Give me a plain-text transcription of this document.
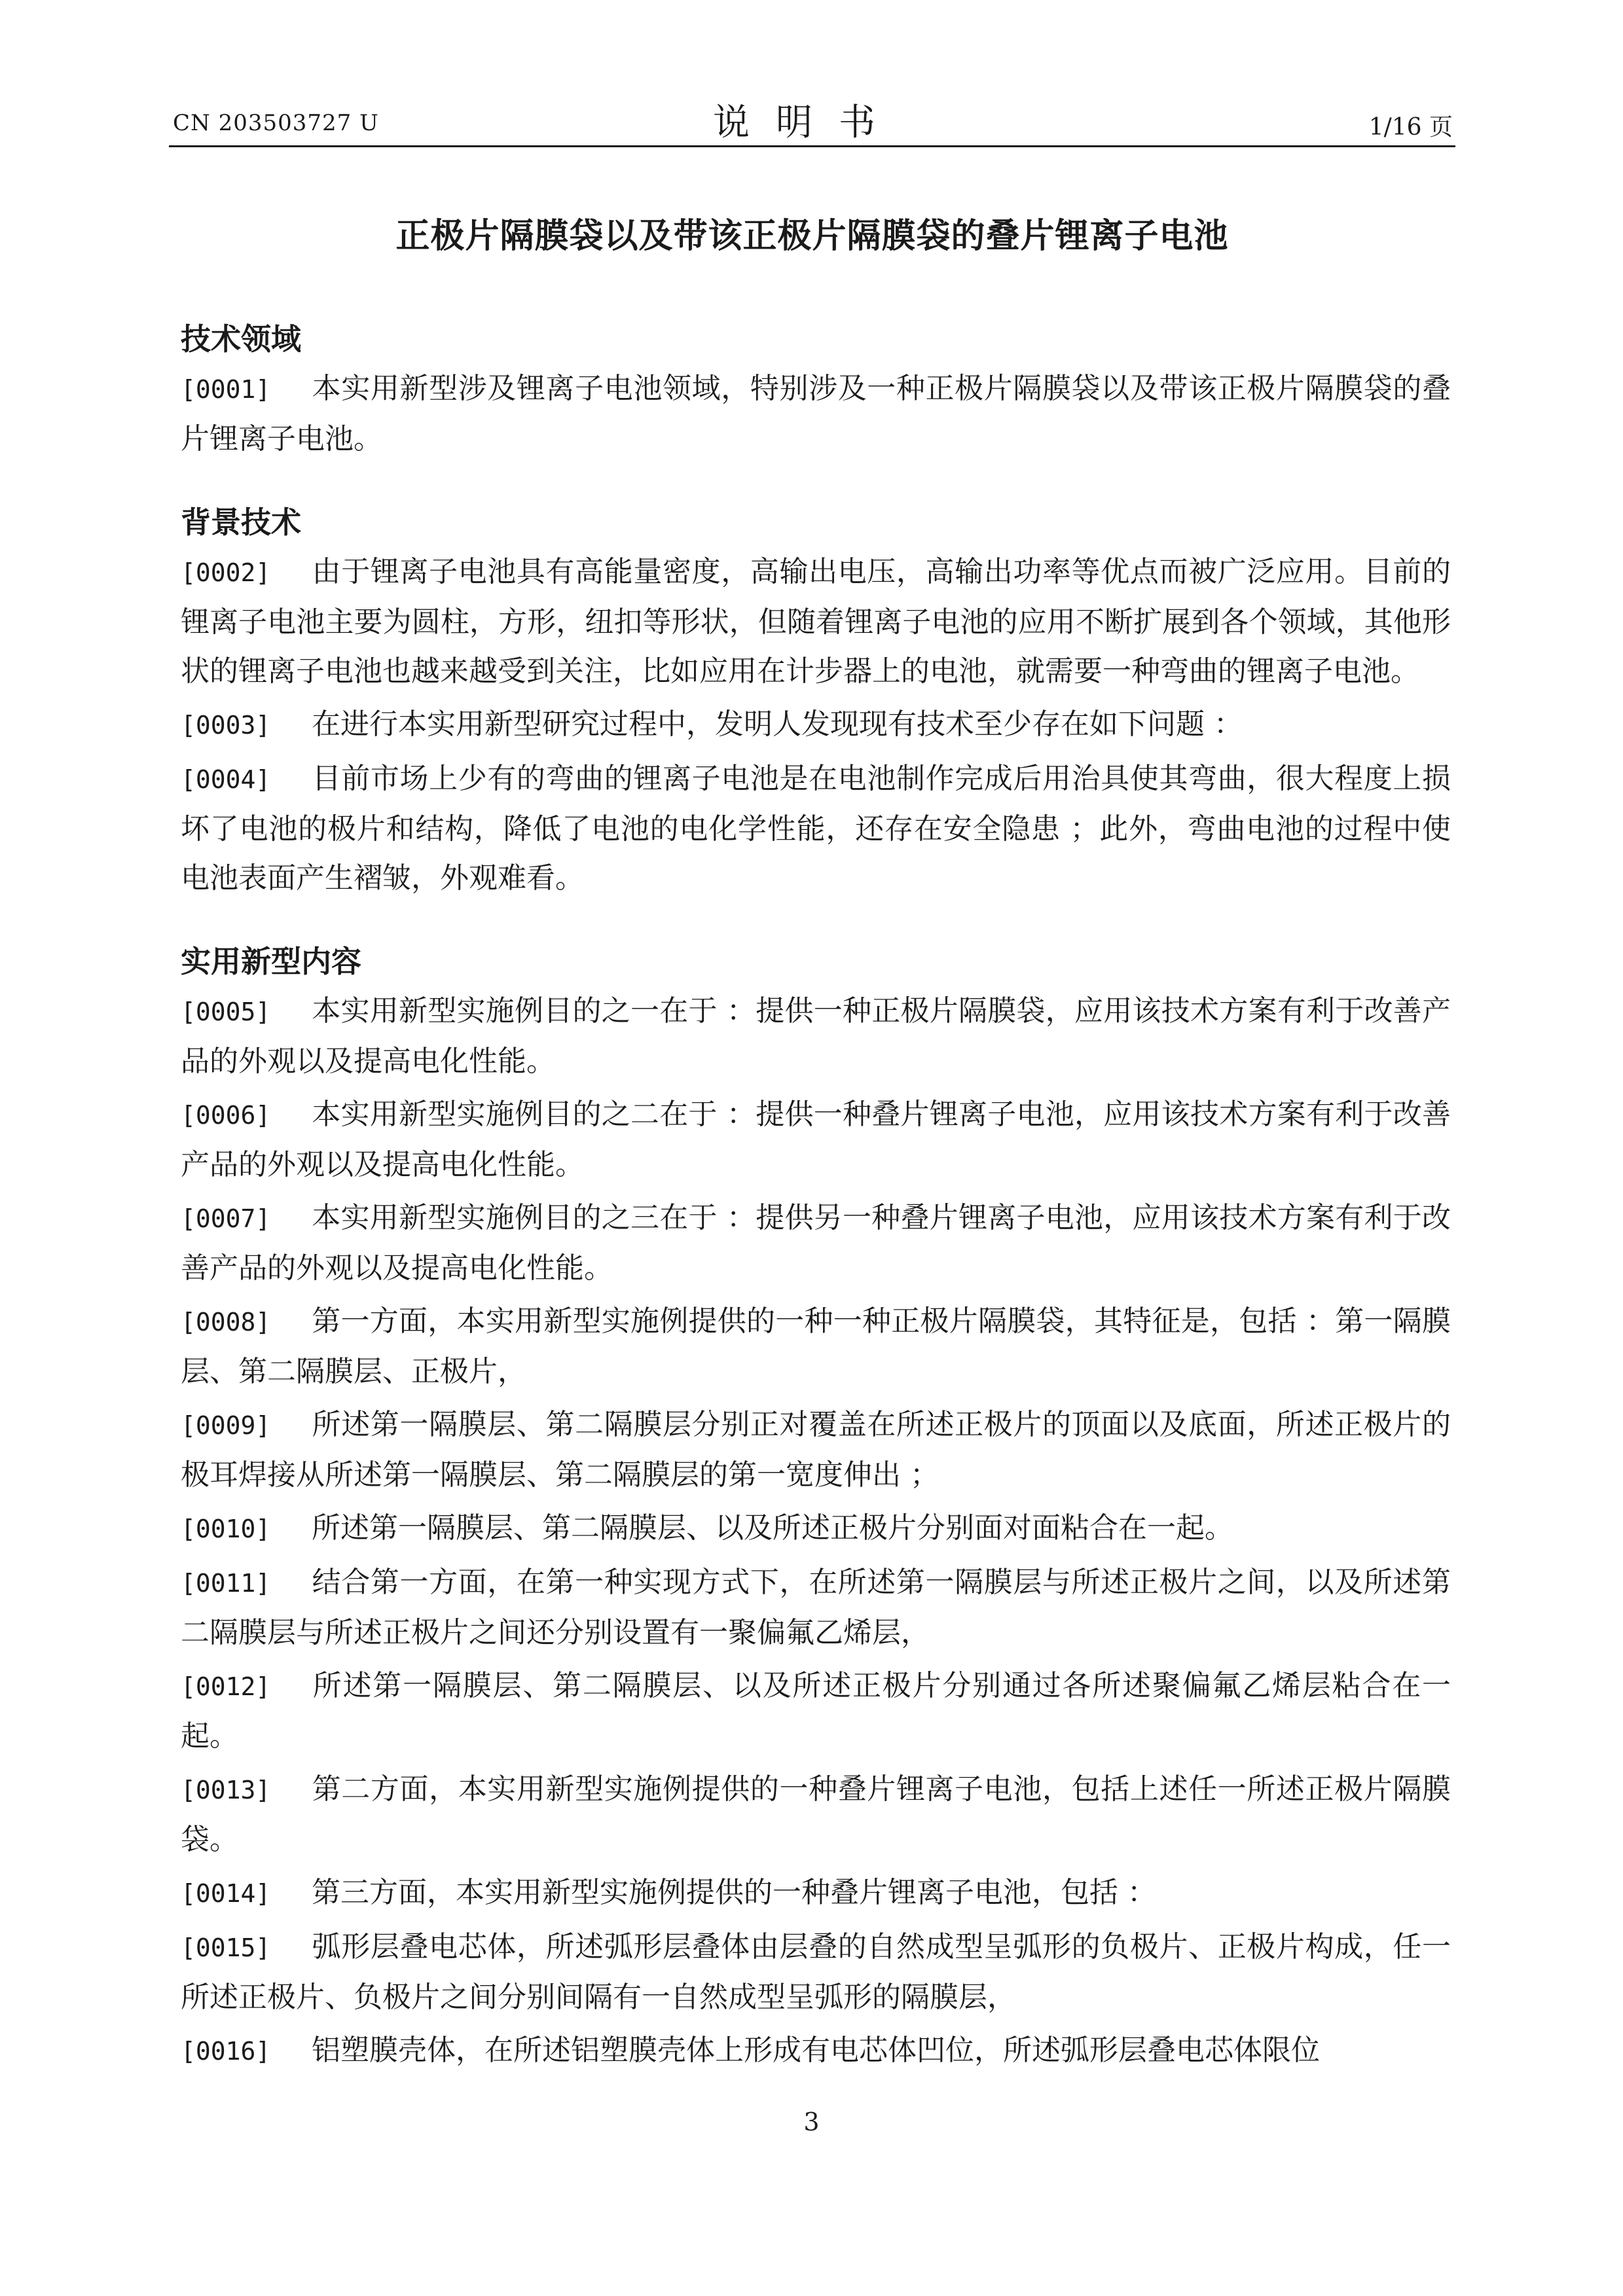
CN 203503727 U	说明书	1/16 页
正极片隔膜袋以及带该正极片隔膜袋的叠片锂离子电池

技术领域

[0001] 本实用新型涉及锂离子电池领域，特别涉及一种正极片隔膜袋以及带该正极片隔膜袋的叠片锂离子电池。

背景技术

[0002] 由于锂离子电池具有高能量密度，高输出电压，高输出功率等优点而被广泛应用。目前的锂离子电池主要为圆柱，方形，纽扣等形状，但随着锂离子电池的应用不断扩展到各个领域，其他形状的锂离子电池也越来越受到关注，比如应用在计步器上的电池，就需要一种弯曲的锂离子电池。

[0003] 在进行本实用新型研究过程中，发明人发现现有技术至少存在如下问题 ：

[0004] 目前市场上少有的弯曲的锂离子电池是在电池制作完成后用治具使其弯曲，很大程度上损坏了电池的极片和结构，降低了电池的电化学性能，还存在安全隐患 ；此外，弯曲电池的过程中使电池表面产生褶皱，外观难看。

实用新型内容

[0005] 本实用新型实施例目的之一在于 ：提供一种正极片隔膜袋，应用该技术方案有利于改善产品的外观以及提高电化性能。

[0006] 本实用新型实施例目的之二在于 ：提供一种叠片锂离子电池，应用该技术方案有利于改善产品的外观以及提高电化性能。

[0007] 本实用新型实施例目的之三在于 ：提供另一种叠片锂离子电池，应用该技术方案有利于改善产品的外观以及提高电化性能。

[0008] 第一方面，本实用新型实施例提供的一种一种正极片隔膜袋，其特征是，包括 ：第一隔膜层、第二隔膜层、正极片，

[0009] 所述第一隔膜层、第二隔膜层分别正对覆盖在所述正极片的顶面以及底面，所述正极片的极耳焊接从所述第一隔膜层、第二隔膜层的第一宽度伸出 ；

[0010] 所述第一隔膜层、第二隔膜层、以及所述正极片分别面对面粘合在一起。

[0011] 结合第一方面，在第一种实现方式下，在所述第一隔膜层与所述正极片之间，以及所述第二隔膜层与所述正极片之间还分别设置有一聚偏氟乙烯层，

[0012] 所述第一隔膜层、第二隔膜层、以及所述正极片分别通过各所述聚偏氟乙烯层粘合在一起。

[0013] 第二方面，本实用新型实施例提供的一种叠片锂离子电池，包括上述任一所述正极片隔膜袋。

[0014] 第三方面，本实用新型实施例提供的一种叠片锂离子电池，包括 ：

[0015] 弧形层叠电芯体，所述弧形层叠体由层叠的自然成型呈弧形的负极片、正极片构成，任一所述正极片、负极片之间分别间隔有一自然成型呈弧形的隔膜层，

[0016] 铝塑膜壳体，在所述铝塑膜壳体上形成有电芯体凹位，所述弧形层叠电芯体限位

3
